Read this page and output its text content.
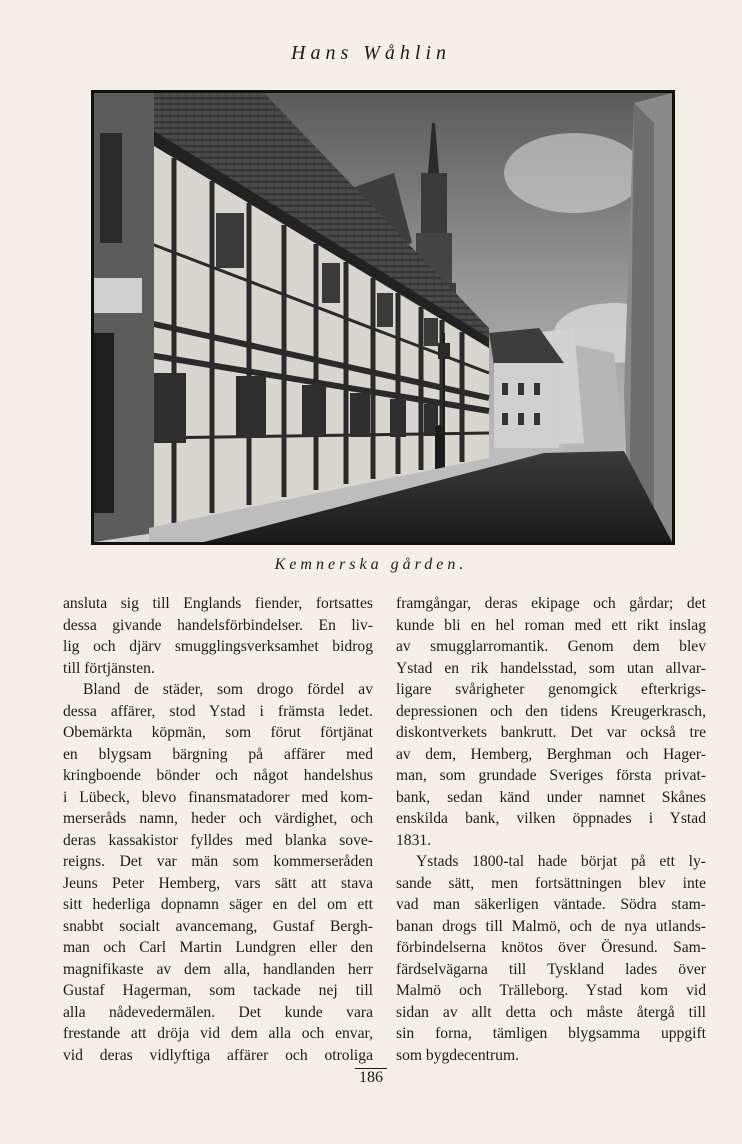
Hans Wåhlin
Kemnerska gården.

ansluta sig till Englands fiender, fortsattes

dessa givande handelsförbindelser. En liv-

lig och djärv smugglingsverksamhet bidrog

till förtjänsten.

Bland de städer, som drogo fördel av

dessa affärer, stod Ystad i främsta ledet.

Obemärkta köpmän, som förut förtjänat

en blygsam bärgning på affärer med

kringboende bönder och något handelshus

i Lübeck, blevo finansmatadorer med kom-

merseråds namn, heder och värdighet, och

deras kassakistor fylldes med blanka sove-

reigns. Det var män som kommerseråden

Jeuns Peter Hemberg, vars sätt att stava

sitt hederliga dopnamn säger en del om ett

snabbt socialt avancemang, Gustaf Bergh-

man och Carl Martin Lundgren eller den

magnifikaste av dem alla, handlanden herr

Gustaf Hagerman, som tackade nej till

alla nådevedermälen. Det kunde vara

frestande att dröja vid dem alla och envar,

vid deras vidlyftiga affärer och otroliga

framgångar, deras ekipage och gårdar; det

kunde bli en hel roman med ett rikt inslag

av smugglarromantik. Genom dem blev

Ystad en rik handelsstad, som utan allvar-

ligare svårigheter genomgick efterkrigs-

depressionen och den tidens Kreugerkrasch,

diskontverkets bankrutt. Det var också tre

av dem, Hemberg, Berghman och Hager-

man, som grundade Sveriges första privat-

bank, sedan känd under namnet Skånes

enskilda bank, vilken öppnades i Ystad

1831.

Ystads 1800-tal hade börjat på ett ly-

sande sätt, men fortsättningen blev inte

vad man säkerligen väntade. Södra stam-

banan drogs till Malmö, och de nya utlands-

förbindelserna knötos över Öresund. Sam-

färdselvägarna till Tyskland lades över

Malmö och Trälleborg. Ystad kom vid

sidan av allt detta och måste återgå till

sin forna, tämligen blygsamma uppgift

som bygdecentrum.

186
